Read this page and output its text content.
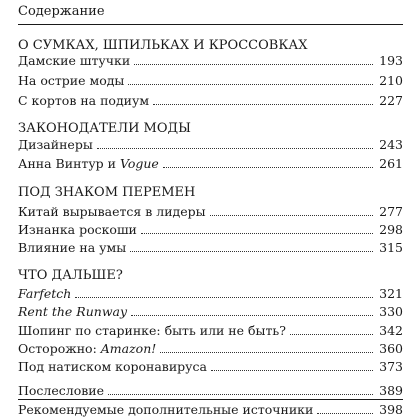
Содержание
О СУМКАХ, ШПИЛЬКАХ И КРОССОВКАХ
Дамские штучки	193
На острие моды	210
С кортов на подиум	227
ЗАКОНОДАТЕЛИ МОДЫ
Дизайнеры	243
Анна Винтур и Vogue	261
ПОД ЗНАКОМ ПЕРЕМЕН
Китай вырывается в лидеры	277
Изнанка роскоши	298
Влияние на умы	315
ЧТО ДАЛЬШЕ?
Farfetch	321
Rent the Runway	330
Шопинг по старинке: быть или не быть?	342
Осторожно: Amazon!	360
Под натиском коронавируса	373
Послесловие	389
Рекомендуемые дополнительные источники	398
